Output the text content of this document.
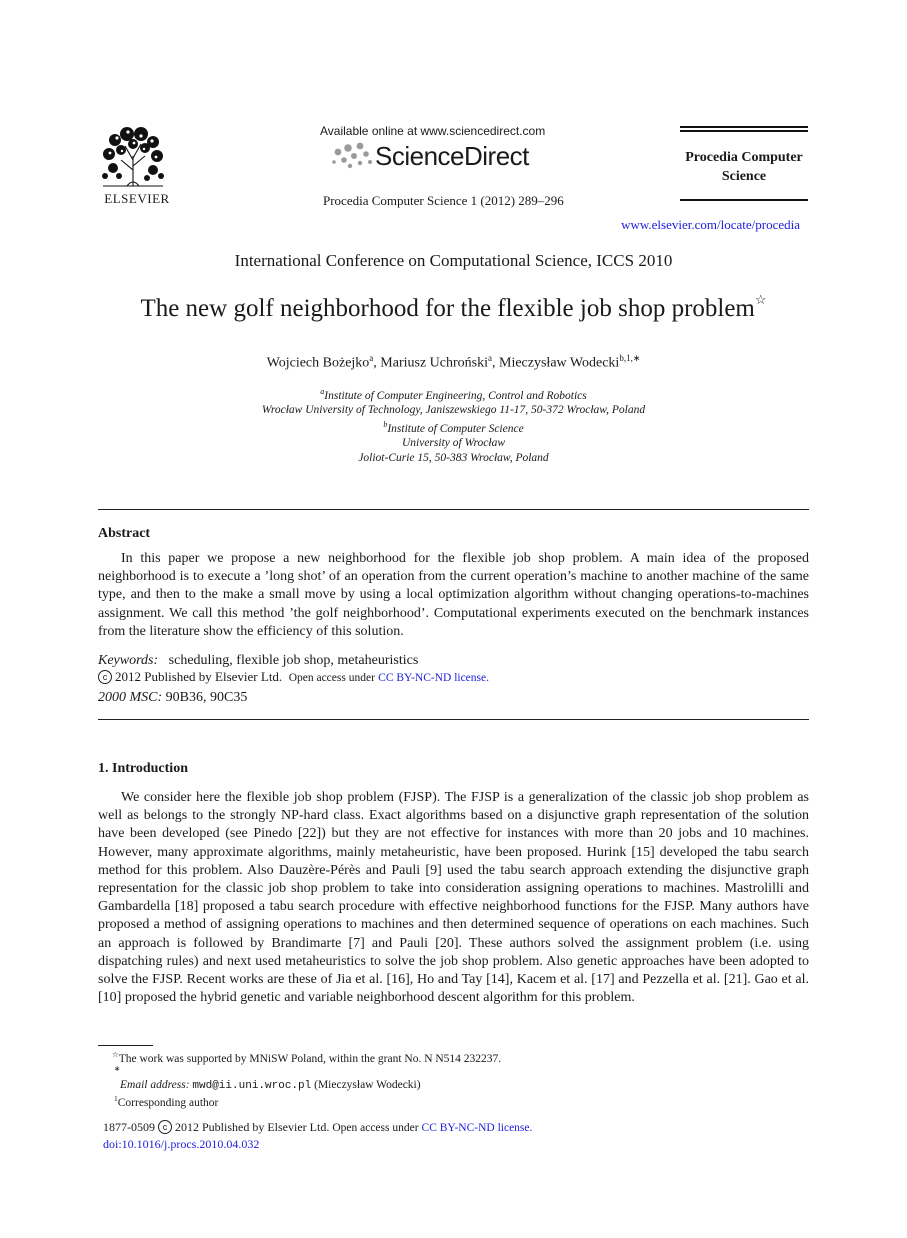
ELSEVIER
Available online at www.sciencedirect.com
ScienceDirect
Procedia Computer Science 1 (2012) 289–296
Procedia Computer
Science
www.elsevier.com/locate/procedia
International Conference on Computational Science, ICCS 2010
The new golf neighborhood for the flexible job shop problem☆
Wojciech Bożejko$^a$, Mariusz Uchroński$^a$, Mieczysław Wodecki$^{b,1,∗}$
$^a$Institute of Computer Engineering, Control and Robotics
Wrocław University of Technology, Janiszewskiego 11-17, 50-372 Wrocław, Poland
$^b$Institute of Computer Science
University of Wrocław
Joliot-Curie 15, 50-383 Wrocław, Poland
Abstract
In this paper we propose a new neighborhood for the flexible job shop problem. A main idea of the proposed neighborhood is to execute a ’long shot’ of an operation from the current operation’s machine to another machine of the same type, and then to the make a small move by using a local optimization algorithm without changing operations-to-machines assignment. We call this method ’the golf neighborhood’. Computational experiments executed on the benchmark instances from the literature show the efficiency of this solution.
Keywords: scheduling, flexible job shop, metaheuristics
c 2012 Published by Elsevier Ltd. Open access under CC BY-NC-ND license.
2000 MSC: 90B36, 90C35
1. Introduction
We consider here the flexible job shop problem (FJSP). The FJSP is a generalization of the classic job shop problem as well as belongs to the strongly NP-hard class. Exact algorithms based on a disjunctive graph representation of the solution have been developed (see Pinedo [22]) but they are not effective for instances with more than 20 jobs and 10 machines. However, many approximate algorithms, mainly metaheuristic, have been proposed. Hurink [15] developed the tabu search method for this problem. Also Dauzère-Pérès and Pauli [9] used the tabu search approach extending the disjunctive graph representation for the classic job shop problem to take into consideration assigning operations to machines. Mastrolilli and Gambardella [18] proposed a tabu search procedure with effective neighborhood functions for the FJSP. Many authors have proposed a method of assigning operations to machines and then determined sequence of operations on each machines. Such an approach is followed by Brandimarte [7] and Pauli [20]. These authors solved the assignment problem (i.e. using dispatching rules) and next used metaheuristics to solve the job shop problem. Also genetic approaches have been adopted to solve the FJSP. Recent works are these of Jia et al. [16], Ho and Tay [14], Kacem et al. [17] and Pezzella et al. [21]. Gao et al. [10] proposed the hybrid genetic and variable neighborhood descent algorithm for this problem.
☆The work was supported by MNiSW Poland, within the grant No. N N514 232237.
∗
Email address: mwd@ii.uni.wroc.pl (Mieczysław Wodecki)
$^1$Corresponding author
1877-0509 c 2012 Published by Elsevier Ltd. Open access under CC BY-NC-ND license.
doi:10.1016/j.procs.2010.04.032
